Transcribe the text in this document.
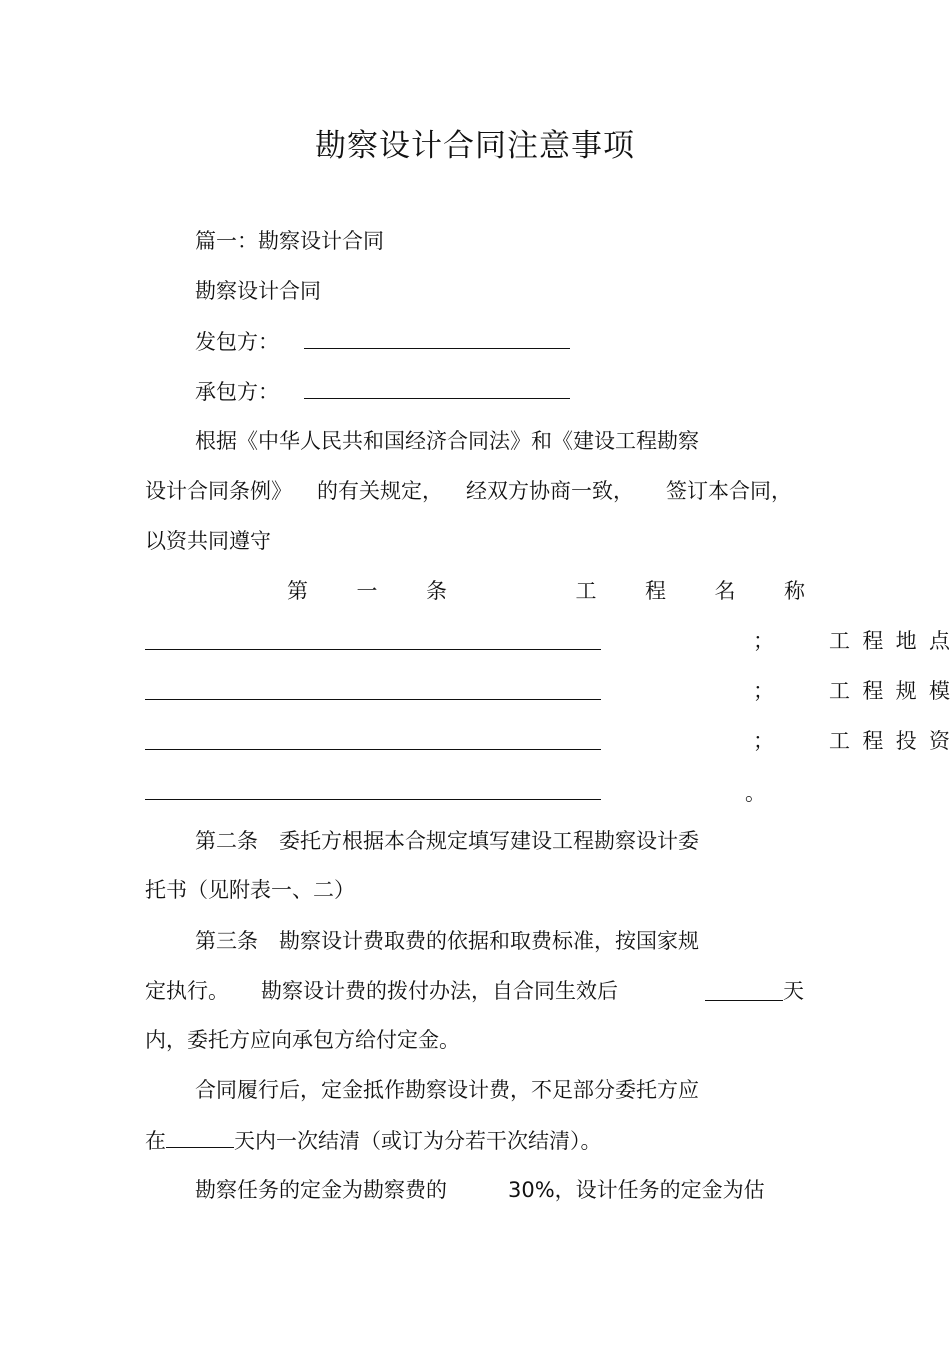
勘察设计合同注意事项
篇一：勘察设计合同
勘察设计合同
发包方：
承包方：
根据《中华人民共和国经济合同法》和《建设工程勘察
设计合同条例》 的有关规定， 经双方协商一致， 签订本合同，
以资共同遵守
第 一 条	工 程 名 称
；	工 程 地 点
；	工 程 规 模
；	工 程 投 资
。
第二条　委托方根据本合规定填写建设工程勘察设计委
托书（见附表一、二）
第三条　勘察设计费取费的依据和取费标准，按国家规
定执行。 勘察设计费的拨付办法，自合同生效后	天
内，委托方应向承包方给付定金。
合同履行后，定金抵作勘察设计费，不足部分委托方应
在	天内一次结清（或订为分若干次结清）。
勘察任务的定金为勘察费的	30%，设计任务的定金为估
